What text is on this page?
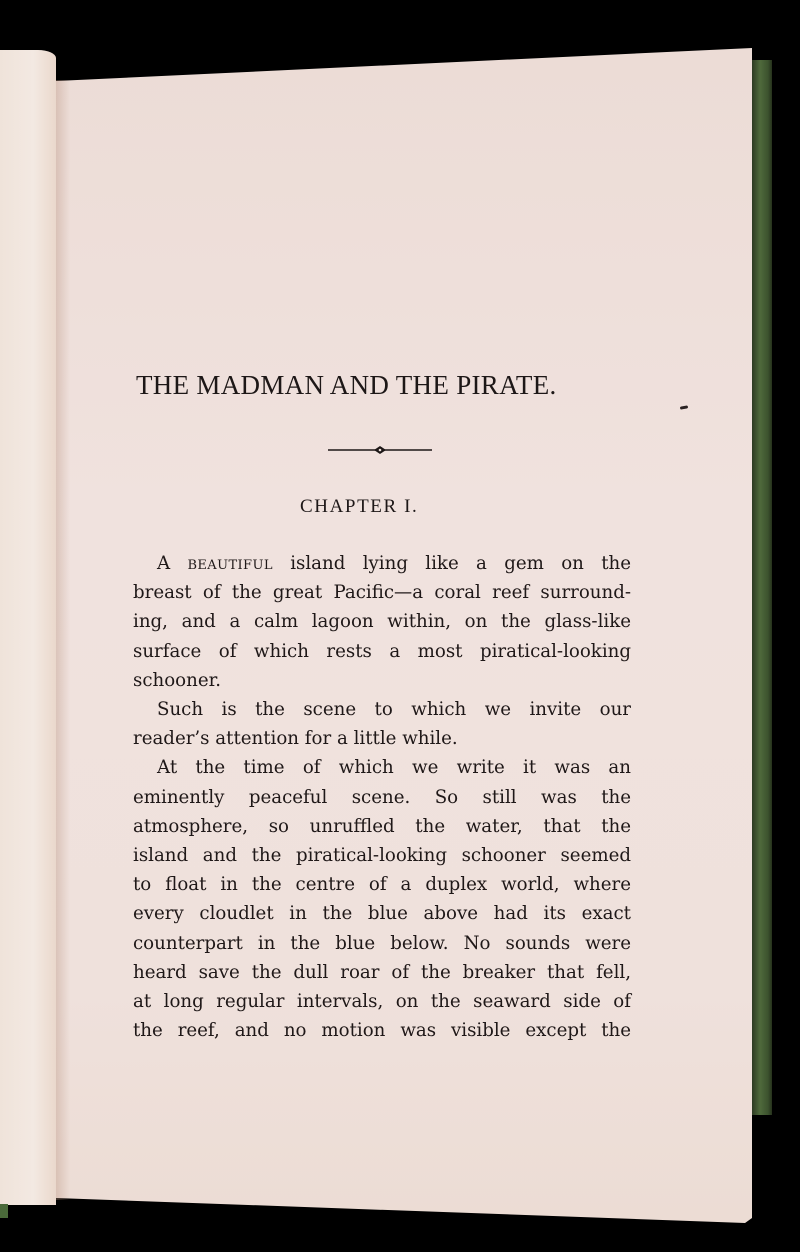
THE MADMAN AND THE PIRATE.
CHAPTER I.
A beautiful island lying like a gem on the
breast of the great Pacific—a coral reef surround-
ing, and a calm lagoon within, on the glass-like
surface of which rests a most piratical-looking
schooner.
Such is the scene to which we invite our
reader’s attention for a little while.
At the time of which we write it was an
eminently peaceful scene. So still was the
atmosphere, so unruffled the water, that the
island and the piratical-looking schooner seemed
to float in the centre of a duplex world, where
every cloudlet in the blue above had its exact
counterpart in the blue below. No sounds were
heard save the dull roar of the breaker that fell,
at long regular intervals, on the seaward side of
the reef, and no motion was visible except the
